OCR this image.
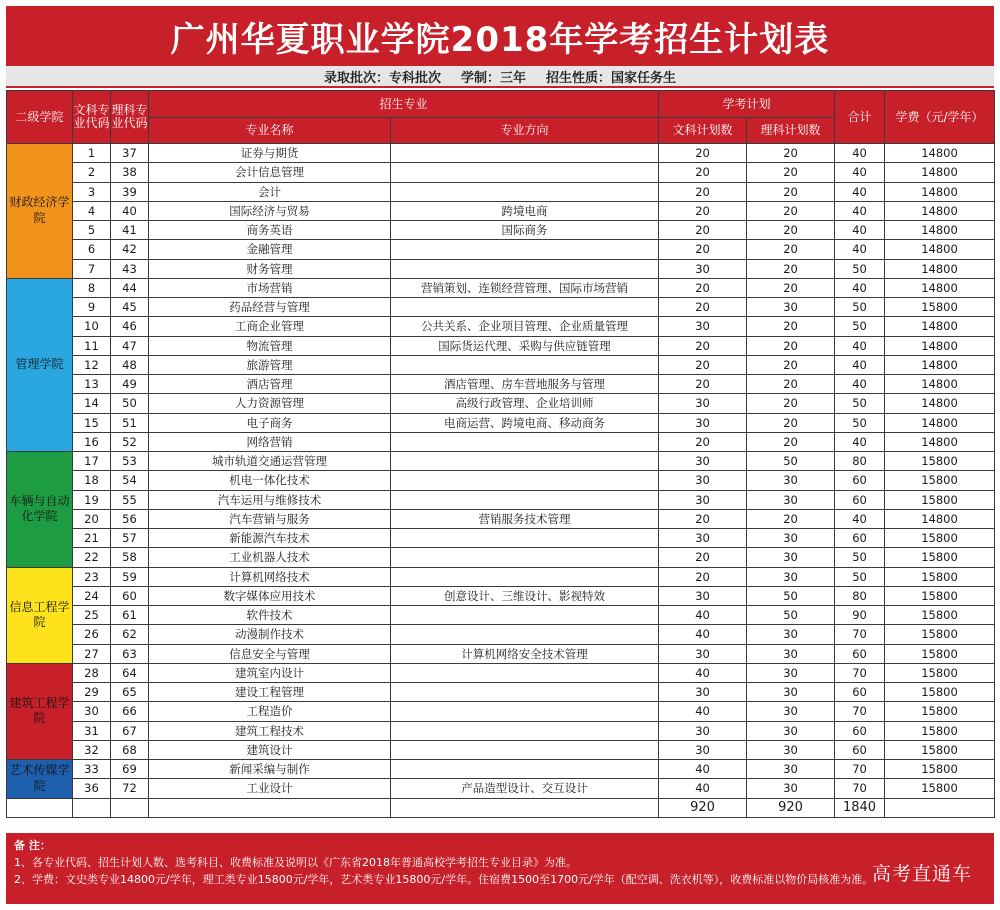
广州华夏职业学院2018年学考招生计划表
录取批次：专科批次 学制：三年 招生性质：国家任务生
二级学院	文科专业代码	理科专业代码	招生专业		学考计划		合计	学费（元/学年）
			专业名称	专业方向	文科计划数	理科计划数		
财政经济学院	1	37	证券与期货		20	20	40	14800
	2	38	会计信息管理		20	20	40	14800
	3	39	会计		20	20	40	14800
	4	40	国际经济与贸易	跨境电商	20	20	40	14800
	5	41	商务英语	国际商务	20	20	40	14800
	6	42	金融管理		20	20	40	14800
	7	43	财务管理		30	20	50	14800
管理学院	8	44	市场营销	营销策划、连锁经营管理、国际市场营销	20	20	40	14800
	9	45	药品经营与管理		20	30	50	15800
	10	46	工商企业管理	公共关系、企业项目管理、企业质量管理	30	20	50	14800
	11	47	物流管理	国际货运代理、采购与供应链管理	20	20	40	14800
	12	48	旅游管理		20	20	40	14800
	13	49	酒店管理	酒店管理、房车营地服务与管理	20	20	40	14800
	14	50	人力资源管理	高级行政管理、企业培训师	30	20	50	14800
	15	51	电子商务	电商运营、跨境电商、移动商务	30	20	50	14800
	16	52	网络营销		20	20	40	14800
车辆与自动化学院	17	53	城市轨道交通运营管理		30	50	80	15800
	18	54	机电一体化技术		30	30	60	15800
	19	55	汽车运用与维修技术		30	30	60	15800
	20	56	汽车营销与服务	营销服务技术管理	20	20	40	14800
	21	57	新能源汽车技术		30	30	60	15800
	22	58	工业机器人技术		20	30	50	15800
信息工程学院	23	59	计算机网络技术		20	30	50	15800
	24	60	数字媒体应用技术	创意设计、三维设计、影视特效	30	50	80	15800
	25	61	软件技术		40	50	90	15800
	26	62	动漫制作技术		40	30	70	15800
	27	63	信息安全与管理	计算机网络安全技术管理	30	30	60	15800
建筑工程学院	28	64	建筑室内设计		40	30	70	15800
	29	65	建设工程管理		30	30	60	15800
	30	66	工程造价		40	30	70	15800
	31	67	建筑工程技术		30	30	60	15800
	32	68	建筑设计		30	30	60	15800
艺术传媒学院	33	69	新闻采编与制作		40	30	70	15800
	36	72	工业设计	产品造型设计、交互设计	40	30	70	15800
					920	920	1840	
备 注：
1、各专业代码、招生计划人数、选考科目、收费标准及说明以《广东省2018年普通高校学考招生专业目录》为准。
2、学费：文史类专业14800元/学年，理工类专业15800元/学年，艺术类专业15800元/学年。住宿费1500至1700元/学年（配空调、洗衣机等），收费标准以物价局核准为准。
高考直通车
